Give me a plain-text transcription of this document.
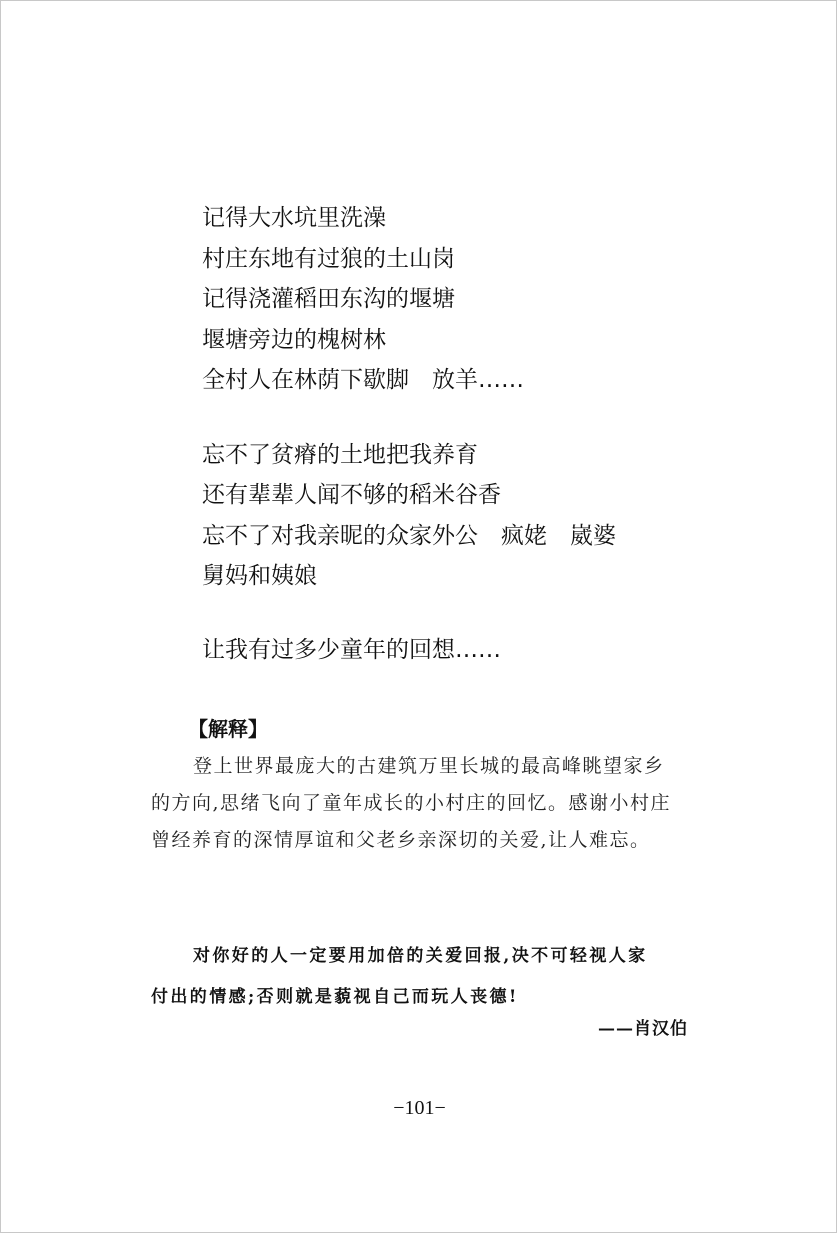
记得大水坑里洗澡
村庄东地有过狼的土山岗
记得浇灌稻田东沟的堰塘
堰塘旁边的槐树林
全村人在林荫下歇脚　放羊……
忘不了贫瘠的土地把我养育
还有辈辈人闻不够的稻米谷香
忘不了对我亲昵的众家外公　疯姥　崴婆
舅妈和姨娘
让我有过多少童年的回想……
【解释】
登上世界最庞大的古建筑万里长城的最高峰眺望家乡
的方向,思绪飞向了童年成长的小村庄的回忆。感谢小村庄
曾经养育的深情厚谊和父老乡亲深切的关爱,让人难忘。
对你好的人一定要用加倍的关爱回报,决不可轻视人家
付出的情感;否则就是藐视自己而玩人丧德!
——肖汉伯
−101−
